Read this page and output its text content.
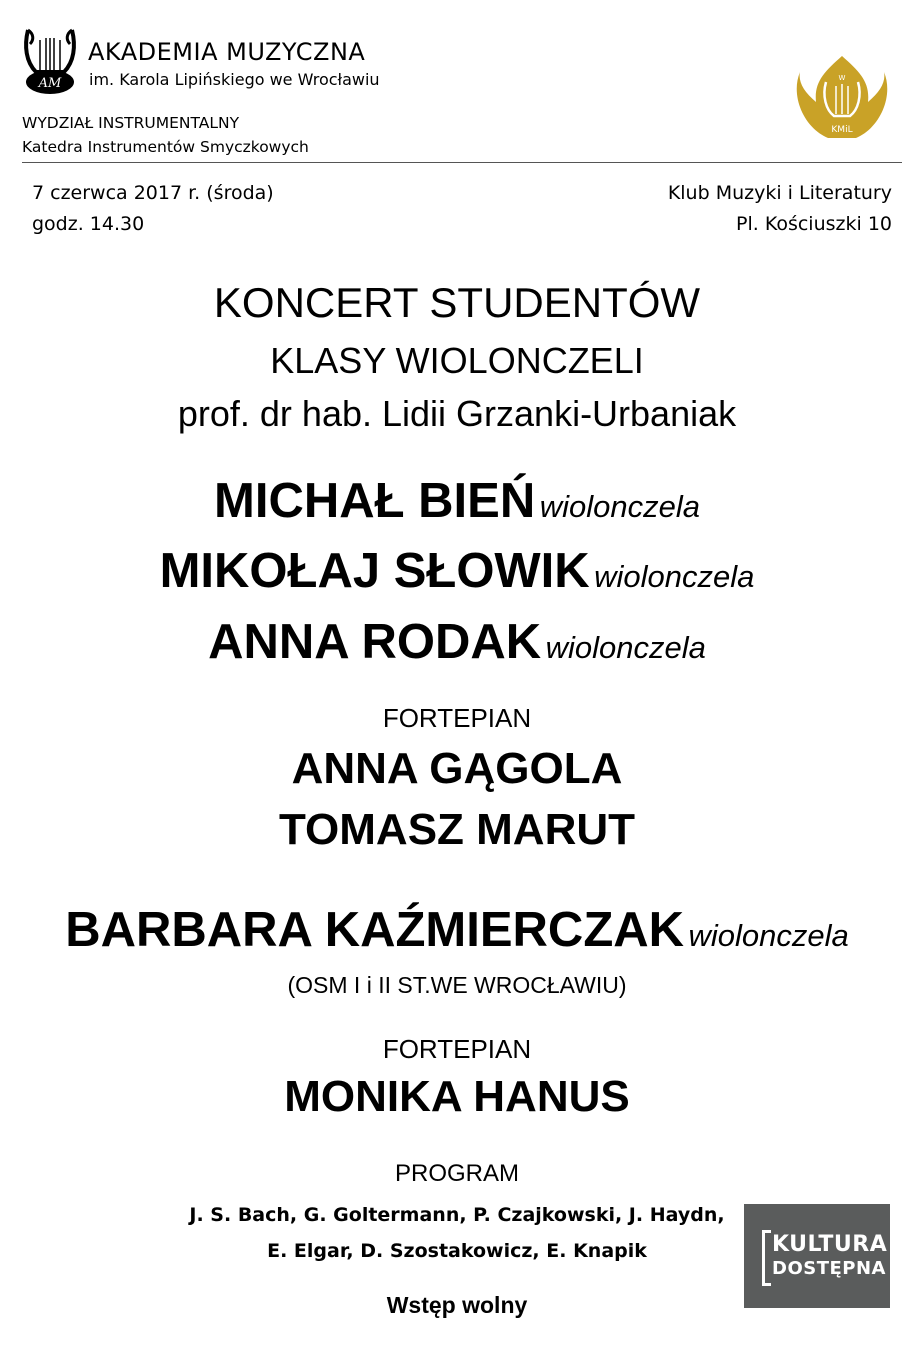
AM
AKADEMIA MUZYCZNA
im. Karola Lipińskiego we Wrocławiu
WYDZIAŁ INSTRUMENTALNY
Katedra Instrumentów Smyczkowych
W
KMiL
7 czerwca 2017 r. (środa)
godz. 14.30
Klub Muzyki i Literatury
Pl. Kościuszki 10
KONCERT STUDENTÓW
KLASY WIOLONCZELI
prof. dr hab. Lidii Grzanki-Urbaniak
MICHAŁ BIEŃ wiolonczela
MIKOŁAJ SŁOWIK wiolonczela
ANNA RODAK wiolonczela
FORTEPIAN
ANNA GĄGOLA
TOMASZ MARUT
BARBARA KAŹMIERCZAK wiolonczela
(OSM I i II ST.WE WROCŁAWIU)
FORTEPIAN
MONIKA HANUS
PROGRAM
J. S. Bach, G. Goltermann, P. Czajkowski, J. Haydn,
E. Elgar, D. Szostakowicz, E. Knapik
Wstęp wolny
KULTURA
DOSTĘPNA
